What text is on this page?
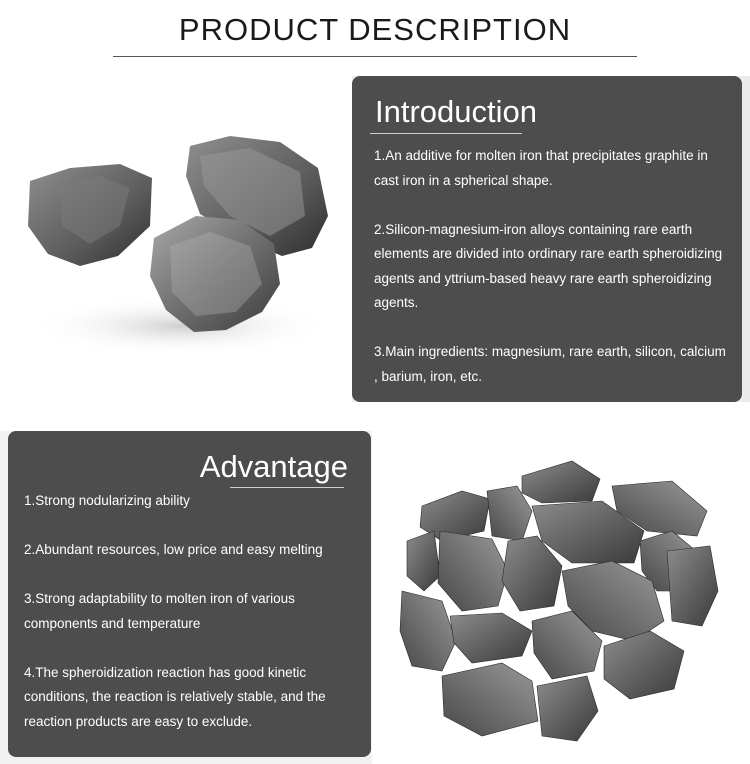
PRODUCT DESCRIPTION
Introduction

1.An additive for molten iron that precipitates graphite in cast iron in a spherical shape.

2.Silicon-magnesium-iron alloys containing rare earth elements are divided into ordinary rare earth spheroidizing agents and yttrium-based heavy rare earth spheroidizing agents.

3.Main ingredients: magnesium, rare earth, silicon, calcium , barium, iron, etc.

Advantage

1.Strong nodularizing ability

2.Abundant resources, low price and easy melting

3.Strong adaptability to molten iron of various components and temperature

4.The spheroidization reaction has good kinetic conditions, the reaction is relatively stable, and the reaction products are easy to exclude.
